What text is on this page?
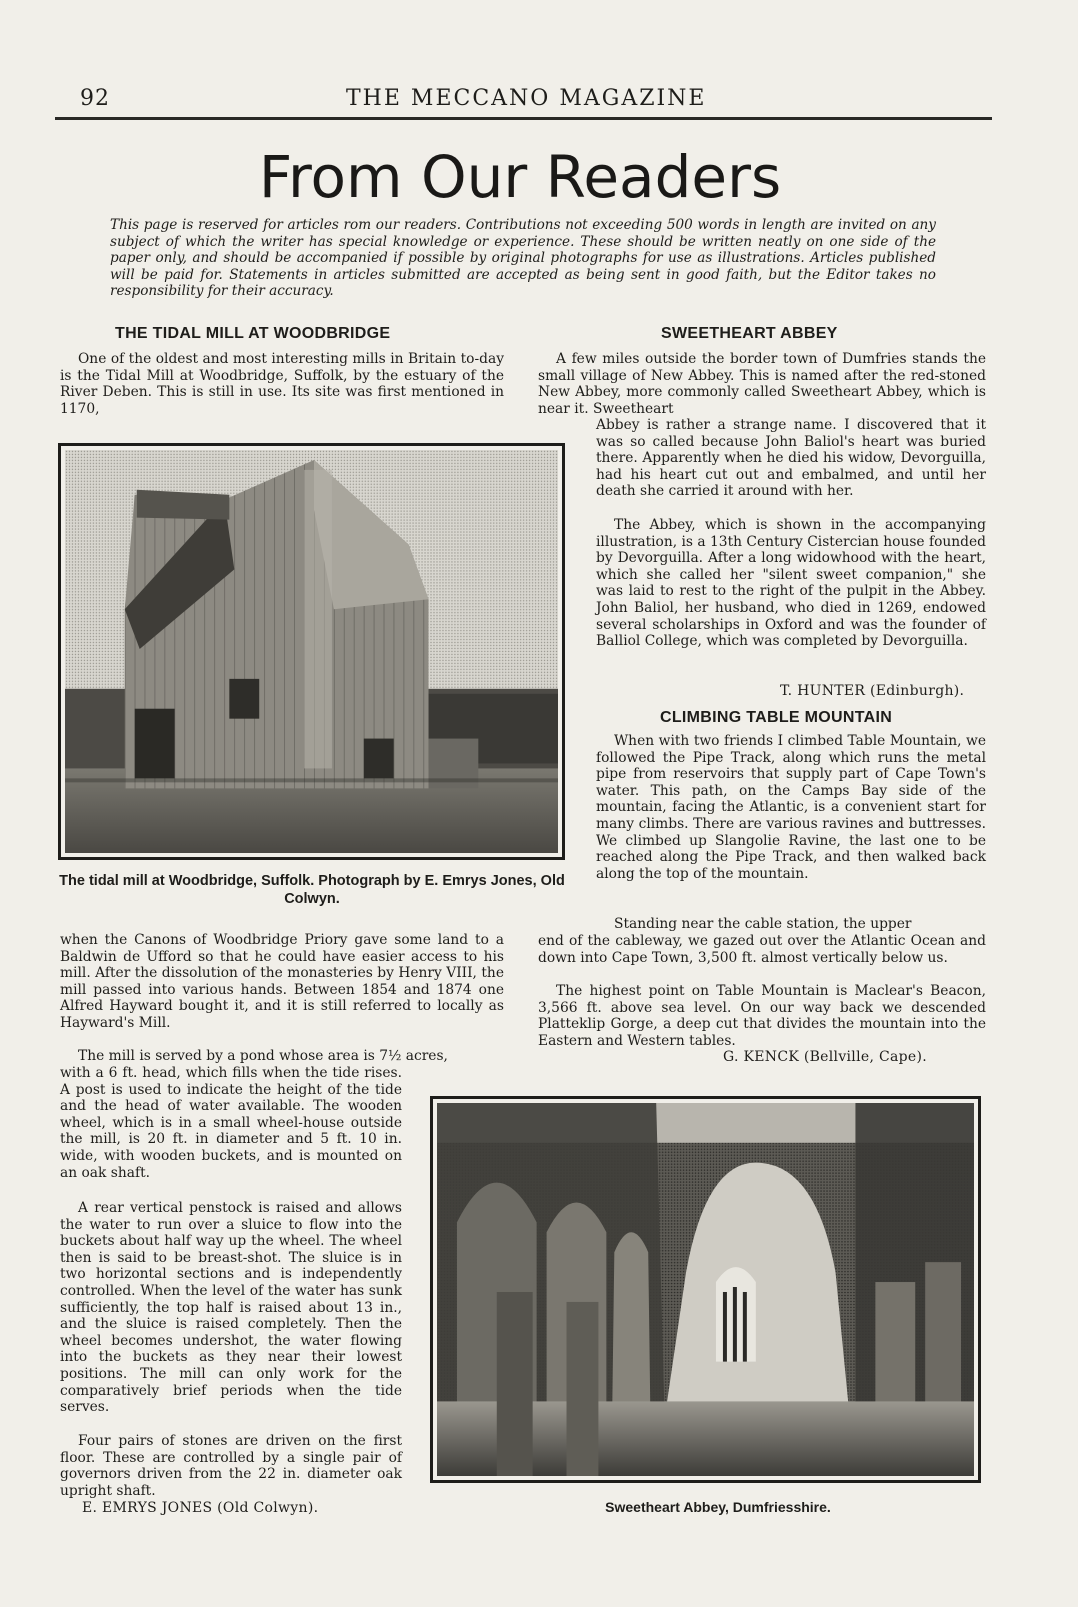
92	THE MECCANO MAGAZINE
From Our Readers
This page is reserved for articles rom our readers. Contributions not exceeding 500 words in length are invited on any subject of which the writer has special knowledge or experience. These should be written neatly on one side of the paper only, and should be accompanied if possible by original photographs for use as illustrations. Articles published will be paid for. Statements in articles submitted are accepted as being sent in good faith, but the Editor takes no responsibility for their accuracy.
THE TIDAL MILL AT WOODBRIDGE

One of the oldest and most interesting mills in Britain to-day is the Tidal Mill at Woodbridge, Suffolk, by the estuary of the River Deben. This is still in use. Its site was first mentioned in 1170,

The tidal mill at Woodbridge, Suffolk. Photograph by E. Emrys Jones, Old Colwyn.

when the Canons of Woodbridge Priory gave some land to a Baldwin de Ufford so that he could have easier access to his mill. After the dissolution of the monasteries by Henry VIII, the mill passed into various hands. Between 1854 and 1874 one Alfred Hayward bought it, and it is still referred to locally as Hayward's Mill.

The mill is served by a pond whose area is 7½ acres,

with a 6 ft. head, which fills when the tide rises. A post is used to indicate the height of the tide and the head of water available. The wooden wheel, which is in a small wheel-house outside the mill, is 20 ft. in diameter and 5 ft. 10 in. wide, with wooden buckets, and is mounted on an oak shaft.

A rear vertical penstock is raised and allows the water to run over a sluice to flow into the buckets about half way up the wheel. The wheel then is said to be breast-shot. The sluice is in two horizontal sections and is independently controlled. When the level of the water has sunk sufficiently, the top half is raised about 13 in., and the sluice is raised completely. Then the wheel becomes undershot, the water flowing into the buckets as they near their lowest positions. The mill can only work for the comparatively brief periods when the tide serves.

Four pairs of stones are driven on the first floor. These are controlled by a single pair of governors driven from the 22 in. diameter oak upright shaft.

E. EMRYS JONES (Old Colwyn).
SWEETHEART ABBEY

A few miles outside the border town of Dumfries stands the small village of New Abbey. This is named after the red-stoned New Abbey, more commonly called Sweetheart Abbey, which is near it. Sweetheart

Abbey is rather a strange name. I discovered that it was so called because John Baliol's heart was buried there. Apparently when he died his widow, Devorguilla, had his heart cut out and embalmed, and until her death she carried it around with her.

The Abbey, which is shown in the accompanying illustration, is a 13th Century Cistercian house founded by Devorguilla. After a long widowhood with the heart, which she called her "silent sweet companion," she was laid to rest to the right of the pulpit in the Abbey. John Baliol, her husband, who died in 1269, endowed several scholarships in Oxford and was the founder of Balliol College, which was completed by Devorguilla.

T. HUNTER (Edinburgh).
CLIMBING TABLE MOUNTAIN

When with two friends I climbed Table Mountain, we followed the Pipe Track, along which runs the metal pipe from reservoirs that supply part of Cape Town's water. This path, on the Camps Bay side of the mountain, facing the Atlantic, is a convenient start for many climbs. There are various ravines and buttresses. We climbed up Slangolie Ravine, the last one to be reached along the Pipe Track, and then walked back along the top of the mountain.

Standing near the cable station, the upper

end of the cableway, we gazed out over the Atlantic Ocean and down into Cape Town, 3,500 ft. almost vertically below us.

The highest point on Table Mountain is Maclear's Beacon, 3,566 ft. above sea level. On our way back we descended Platteklip Gorge, a deep cut that divides the mountain into the Eastern and Western tables.

G. KENCK (Bellville, Cape).
Sweetheart Abbey, Dumfriesshire.
